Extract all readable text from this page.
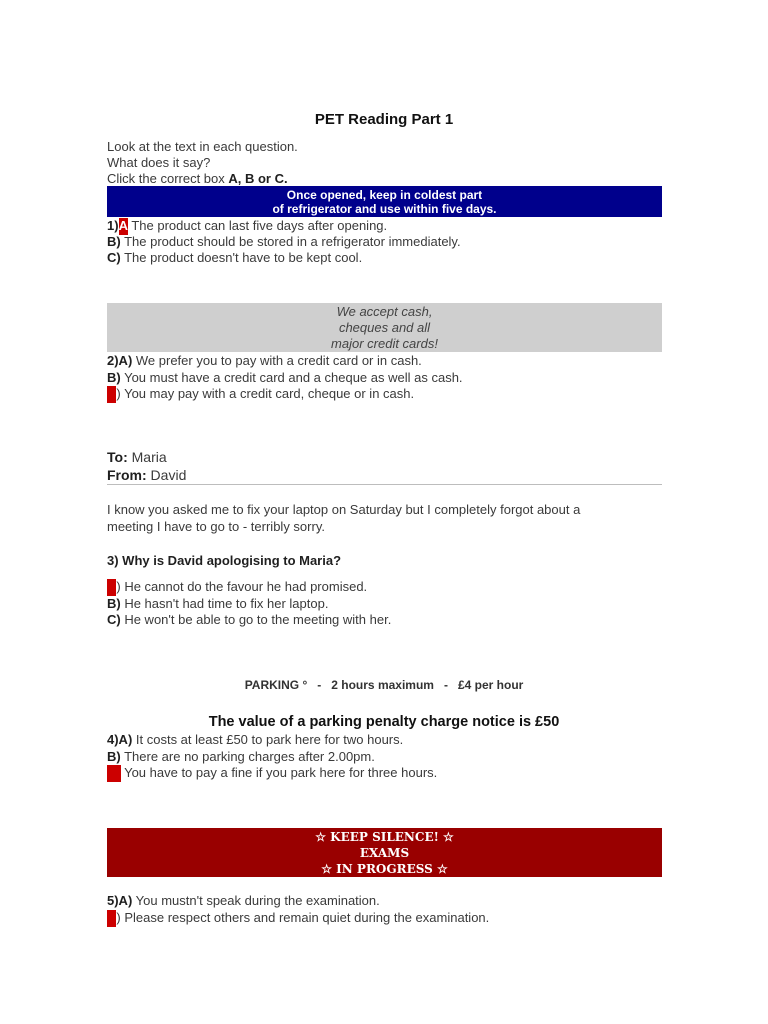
PET Reading Part 1
Look at the text in each question.
What does it say?
Click the correct box A, B or C.
Once opened, keep in coldest part
of refrigerator and use within five days.
1)A The product can last five days after opening.
B) The product should be stored in a refrigerator immediately.
C) The product doesn't have to be kept cool.
We accept cash,
cheques and all
major credit cards!
2)A) We prefer you to pay with a credit card or in cash.
B) You must have a credit card and a cheque as well as cash.
C) You may pay with a credit card, cheque or in cash.
To: Maria
From: David
I know you asked me to fix your laptop on Saturday but I completely forgot about a
meeting I have to go to - terribly sorry.
3) Why is David apologising to Maria?
A) He cannot do the favour he had promised.
B) He hasn't had time to fix her laptop.
C) He won't be able to go to the meeting with her.
PARKING °   -   2 hours maximum   -   £4 per hour
The value of a parking penalty charge notice is £50
4)A) It costs at least £50 to park here for two hours.
B) There are no parking charges after 2.00pm.
C) You have to pay a fine if you park here for three hours.
☆ KEEP SILENCE! ☆
EXAMS
☆ IN PROGRESS ☆
5)A) You mustn't speak during the examination.
B) Please respect others and remain quiet during the examination.
